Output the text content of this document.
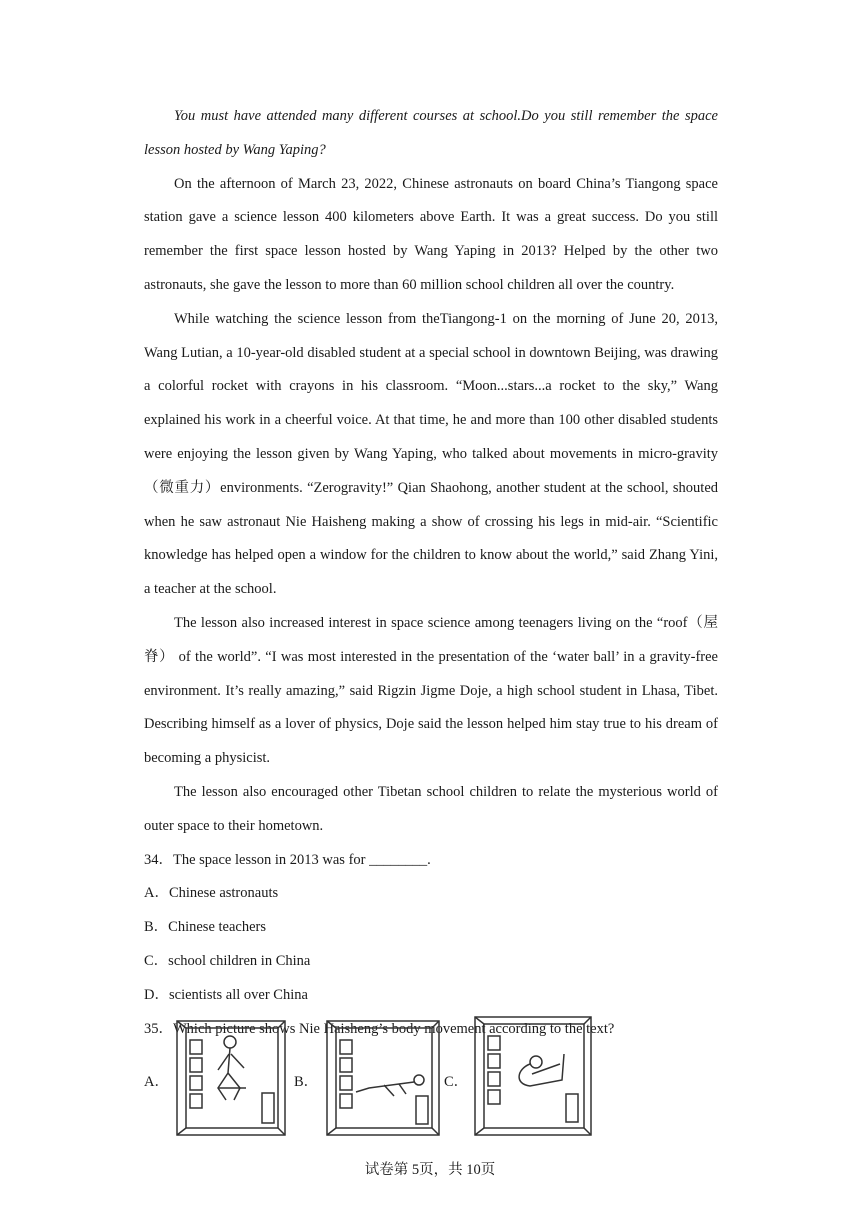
You must have attended many different courses at school.Do you still remember the space lesson hosted by Wang Yaping?

On the afternoon of March 23, 2022, Chinese astronauts on board China’s Tiangong space station gave a science lesson 400 kilometers above Earth. It was a great success. Do you still remember the first space lesson hosted by Wang Yaping in 2013? Helped by the other two astronauts, she gave the lesson to more than 60 million school children all over the country.

While watching the science lesson from theTiangong-1 on the morning of June 20, 2013, Wang Lutian, a 10-year-old disabled student at a special school in downtown Beijing, was drawing a colorful rocket with crayons in his classroom. “Moon...stars...a rocket to the sky,” Wang explained his work in a cheerful voice. At that time, he and more than 100 other disabled students were enjoying the lesson given by Wang Yaping, who talked about movements in micro-gravity（微重力）environments. “Zerogravity!” Qian Shaohong, another student at the school, shouted when he saw astronaut Nie Haisheng making a show of crossing his legs in mid-air. “Scientific knowledge has helped open a window for the children to know about the world,” said Zhang Yini, a teacher at the school.

The lesson also increased interest in space science among teenagers living on the “roof（屋脊） of the world”. “I was most interested in the presentation of the ‘water ball’ in a gravity-free environment. It’s really amazing,” said Rigzin Jigme Doje, a high school student in Lhasa, Tibet. Describing himself as a lover of physics, Doje said the lesson helped him stay true to his dream of becoming a physicist.

The lesson also encouraged other Tibetan school children to relate the mysterious world of outer space to their hometown.

34．The space lesson in 2013 was for ________.

A．Chinese astronauts
B．Chinese teachers
C．school children in China
D．scientists all over China

35．Which picture shows Nie Haisheng’s body movement according to the text?

A．	B．	C．
试卷第 5页，共 10页
